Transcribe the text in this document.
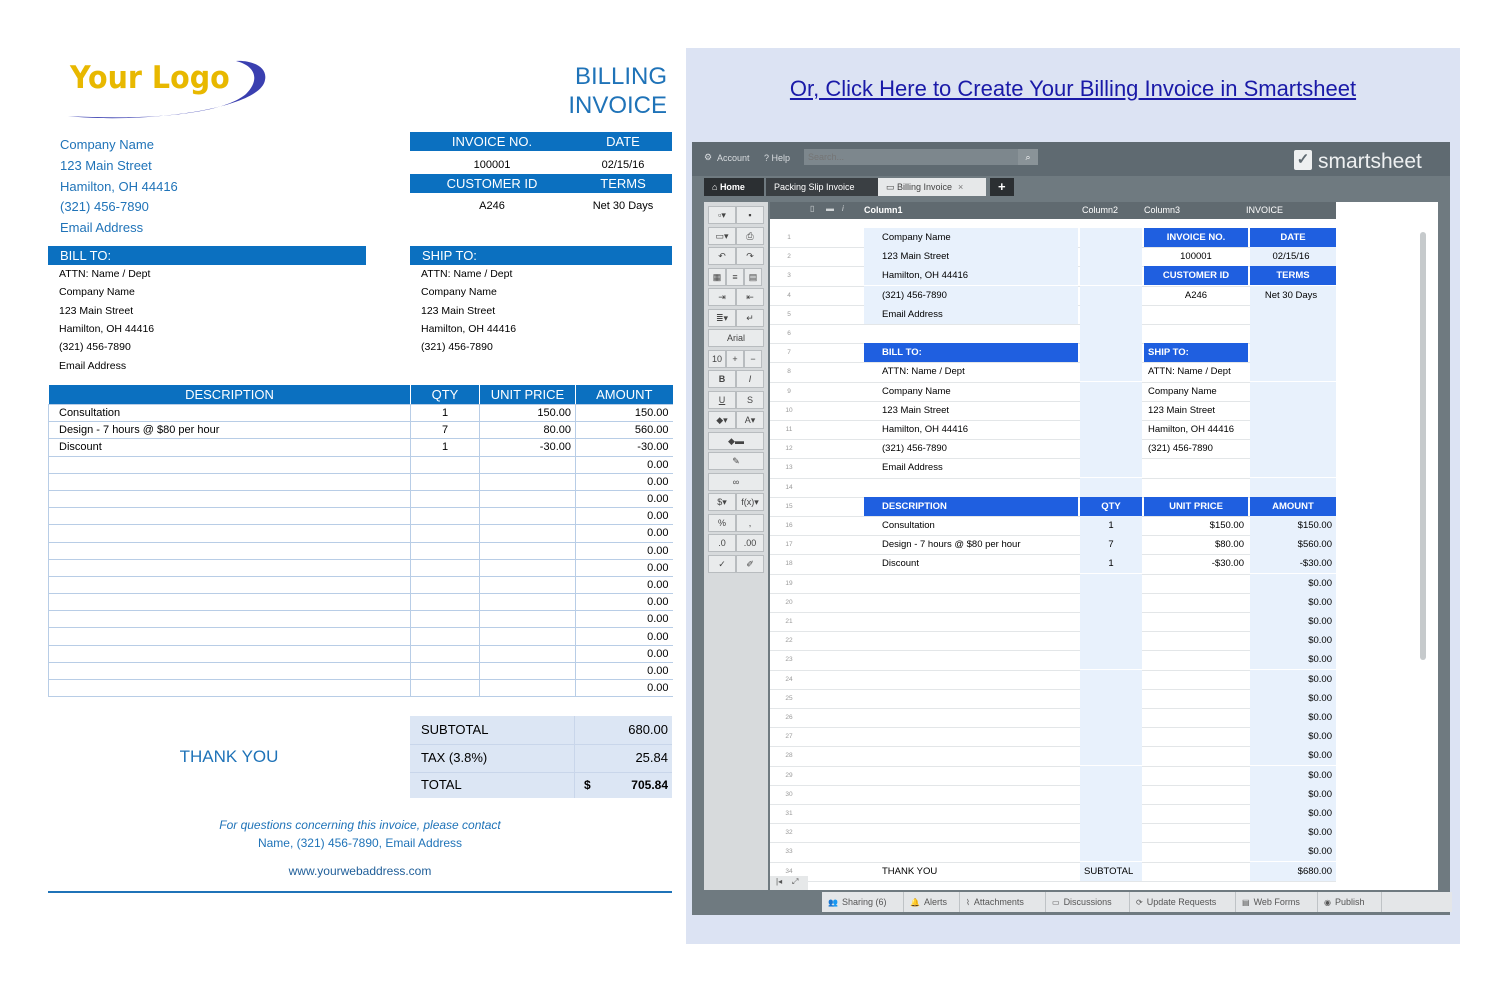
Your Logo	BILLING
INVOICE
Company Name
123 Main Street
Hamilton, OH 44416
(321) 456-7890
Email Address
INVOICE NO.	DATE
100001	02/15/16
CUSTOMER ID	TERMS
A246	Net 30 Days
BILL TO:	SHIP TO:
ATTN: Name / Dept
Company Name
123 Main Street
Hamilton, OH 44416
(321) 456-7890
Email Address
ATTN: Name / Dept
Company Name
123 Main Street
Hamilton, OH 44416
(321) 456-7890
DESCRIPTION	QTY	UNIT PRICE	AMOUNT
Consultation	1	150.00	150.00
Design - 7 hours @ $80 per hour	7	80.00	560.00
Discount	1	-30.00	-30.00
			0.00
			0.00
			0.00
			0.00
			0.00
			0.00
			0.00
			0.00
			0.00
			0.00
			0.00
			0.00
			0.00
			0.00
SUBTOTAL	680.00
TAX (3.8%)	25.84
TOTAL	$	705.84
THANK YOU
For questions concerning this invoice, please contact
Name, (321) 456-7890, Email Address
www.yourwebaddress.com
Or, Click Here to Create Your Billing Invoice in Smartsheet
⚙ Account ? Help
Search...	⌕	✓ smartsheet
⌂ Home	Packing Slip Invoice	▭ Billing Invoice ×	+
▫▾	▪
▭▾	⎙
↶	↷
▦	≡	▤
⇥	⇤
≣▾	↵
Arial
10	+	−
B	I
U	S
◆▾	A▾
◆▬
✎
∞
$▾	f(x)▾
%	,
.0	.00
✓	✐
▯ ▬ i Column1	Column2	Column3	INVOICE
1	Company Name	INVOICE NO.	DATE
2	123 Main Street	100001	02/15/16
3	Hamilton, OH 44416	CUSTOMER ID	TERMS
4	(321) 456-7890	A246	Net 30 Days
5	Email Address
6
7	BILL TO:	SHIP TO:
8	ATTN: Name / Dept	ATTN: Name / Dept
9	Company Name	Company Name
10	123 Main Street	123 Main Street
11	Hamilton, OH 44416	Hamilton, OH 44416
12	(321) 456-7890	(321) 456-7890
13	Email Address
14
15	DESCRIPTION	QTY	UNIT PRICE	AMOUNT
16	Consultation	1	$150.00	$150.00
17	Design - 7 hours @ $80 per hour	7	$80.00	$560.00
18	Discount	1	-$30.00	-$30.00
19	$0.00
20	$0.00
21	$0.00
22	$0.00
23	$0.00
24	$0.00
25	$0.00
26	$0.00
27	$0.00
28	$0.00
29	$0.00
30	$0.00
31	$0.00
32	$0.00
33	$0.00
34	THANK YOU	SUBTOTAL	$680.00
|◂ ⤢
👥 Sharing (6)	🔔 Alerts	⌇ Attachments	▭ Discussions	⟳ Update Requests	▤ Web Forms	◉ Publish
